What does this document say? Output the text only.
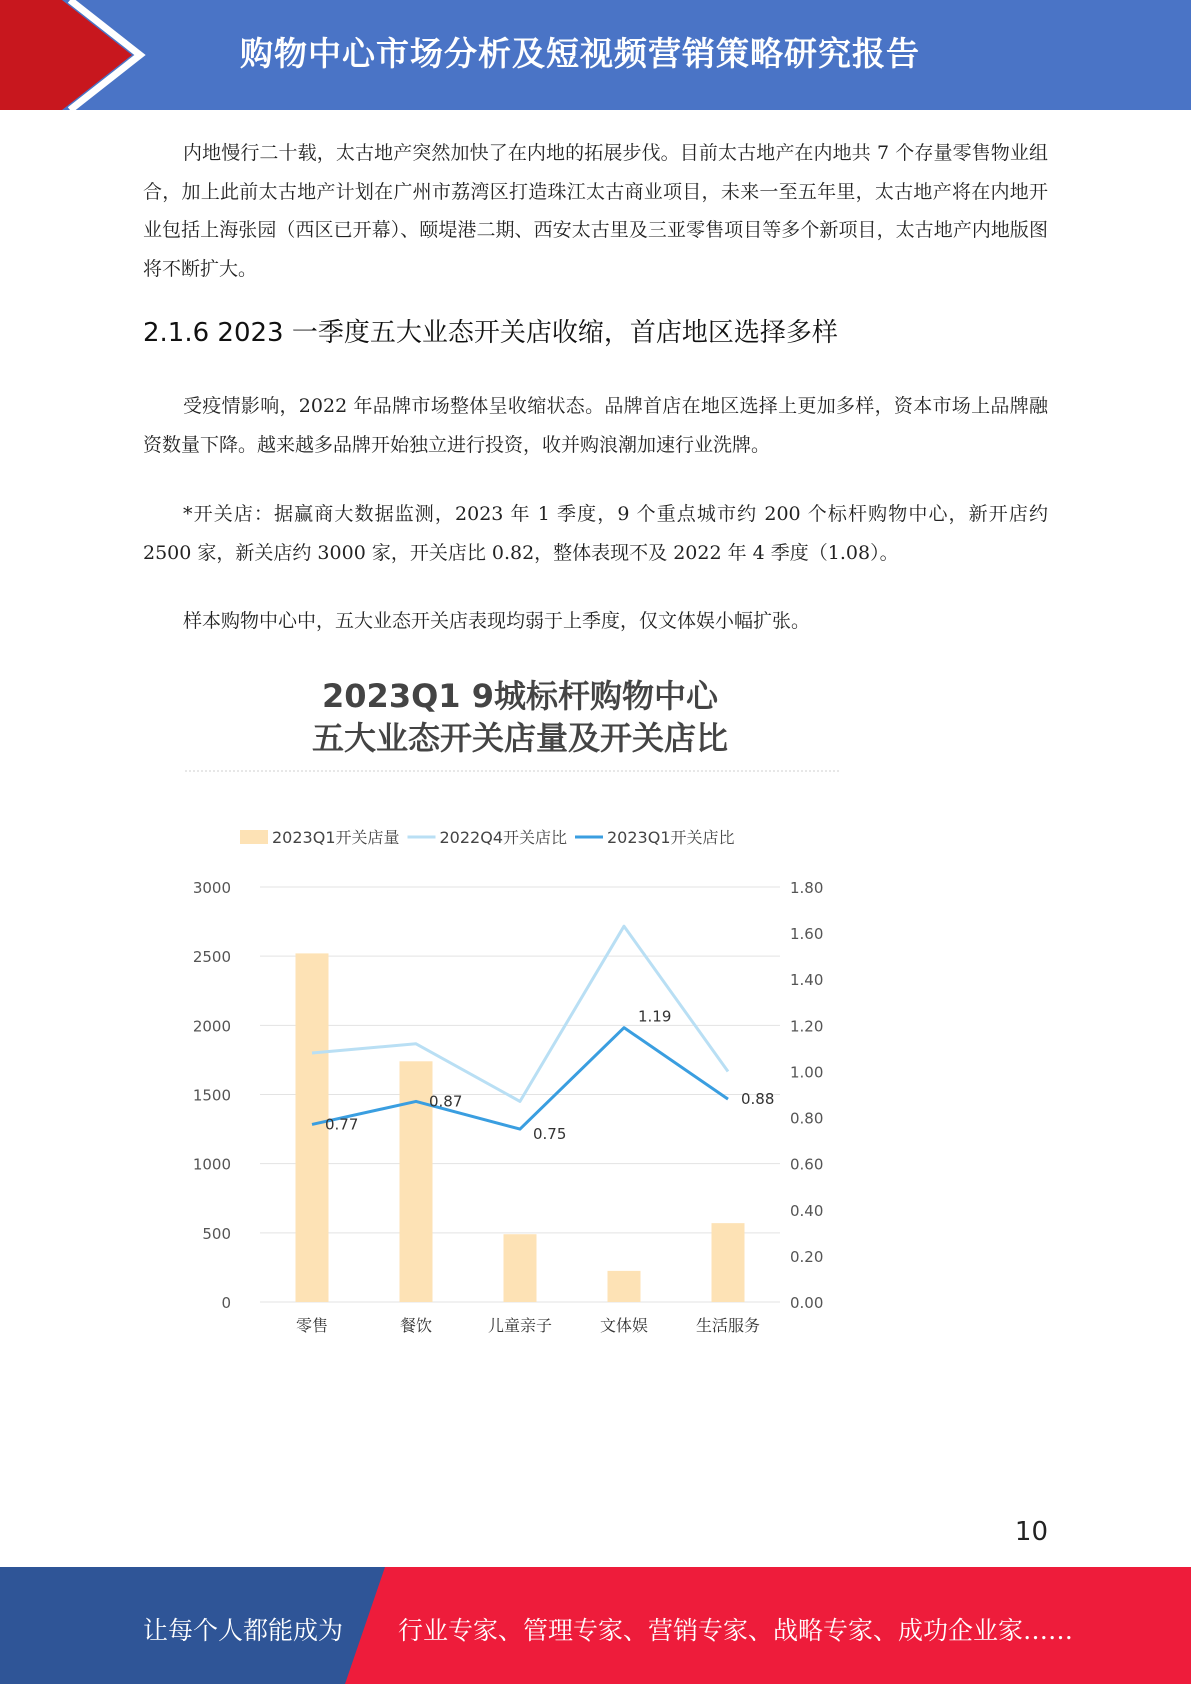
购物中心市场分析及短视频营销策略研究报告

内地慢行二十载，太古地产突然加快了在内地的拓展步伐。目前太古地产在内地共 7 个存量零售物业组合，加上此前太古地产计划在广州市荔湾区打造珠江太古商业项目，未来一至五年里，太古地产将在内地开业包括上海张园（西区已开幕）、颐堤港二期、西安太古里及三亚零售项目等多个新项目，太古地产内地版图将不断扩大。

2.1.6 2023 一季度五大业态开关店收缩，首店地区选择多样

受疫情影响，2022 年品牌市场整体呈收缩状态。品牌首店在地区选择上更加多样，资本市场上品牌融资数量下降。越来越多品牌开始独立进行投资，收并购浪潮加速行业洗牌。

*开关店：据赢商大数据监测，2023 年 1 季度，9 个重点城市约 200 个标杆购物中心，新开店约 2500 家，新关店约 3000 家，开关店比 0.82，整体表现不及 2022 年 4 季度（1.08）。

样本购物中心中，五大业态开关店表现均弱于上季度，仅文体娱小幅扩张。

2023Q1 9城标杆购物中心
五大业态开关店量及开关店比
0
500
1000
1500
2000
2500
3000
0.00
0.20
0.40
0.60
0.80
1.00
1.20
1.40
1.60
1.80
零售	餐饮	儿童亲子	文体娱	生活服务
0.77
0.87
0.75
1.19
0.88
2023Q1开关店量	2022Q4开关店比	2023Q1开关店比
10
让每个人都能成为 行业专家、管理专家、营销专家、战略专家、成功企业家……
